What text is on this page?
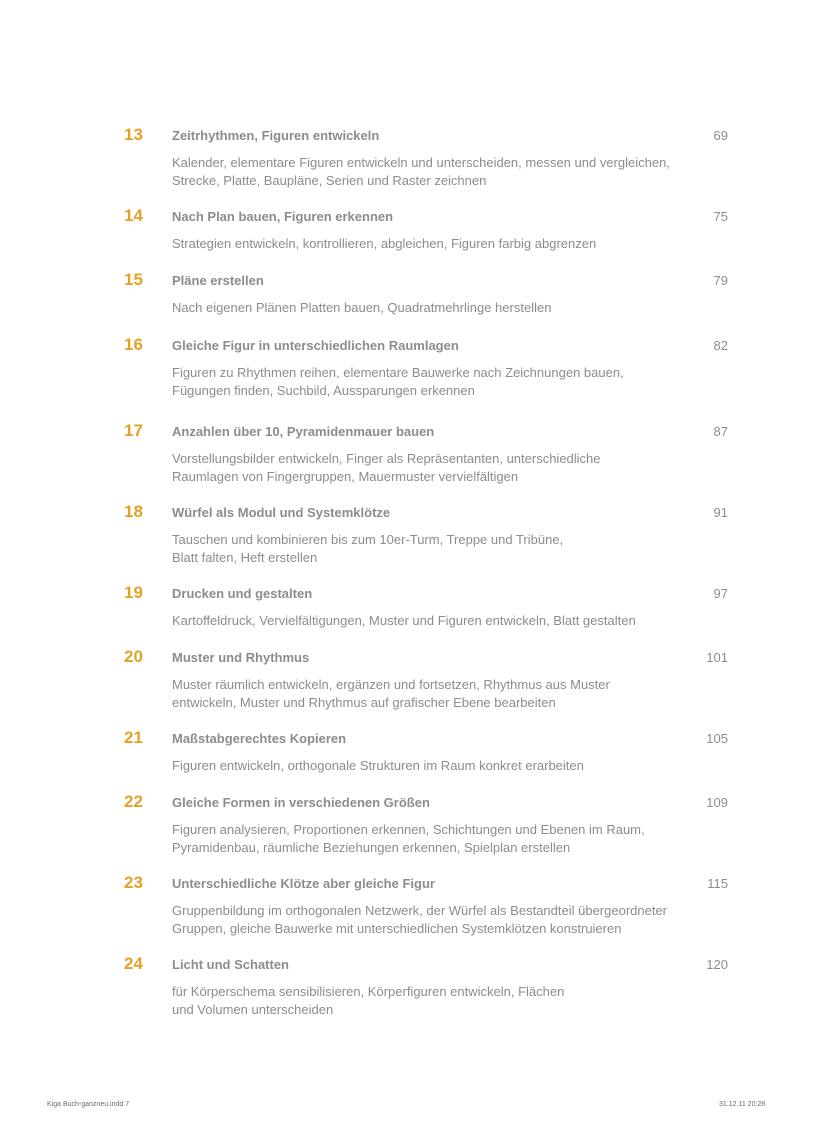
13	Zeitrhythmen, Figuren entwickeln	69
Kalender, elementare Figuren entwickeln und unterscheiden, messen und vergleichen,
Strecke, Platte, Baupläne, Serien und Raster zeichnen
14	Nach Plan bauen, Figuren erkennen	75
Strategien entwickeln, kontrollieren, abgleichen, Figuren farbig abgrenzen
15	Pläne erstellen	79
Nach eigenen Plänen Platten bauen, Quadratmehrlinge herstellen
16	Gleiche Figur in unterschiedlichen Raumlagen	82
Figuren zu Rhythmen reihen, elementare Bauwerke nach Zeichnungen bauen,
Fügungen finden, Suchbild, Aussparungen erkennen
17	Anzahlen über 10, Pyramidenmauer bauen	87
Vorstellungsbilder entwickeln, Finger als Repräsentanten, unterschiedliche
Raumlagen von Fingergruppen, Mauermuster vervielfältigen
18	Würfel als Modul und Systemklötze	91
Tauschen und kombinieren bis zum 10er-Turm, Treppe und Tribüne,
Blatt falten, Heft erstellen
19	Drucken und gestalten	97
Kartoffeldruck, Vervielfältigungen, Muster und Figuren entwickeln, Blatt gestalten
20	Muster und Rhythmus	101
Muster räumlich entwickeln, ergänzen und fortsetzen, Rhythmus aus Muster
entwickeln, Muster und Rhythmus auf grafischer Ebene bearbeiten
21	Maßstabgerechtes Kopieren	105
Figuren entwickeln, orthogonale Strukturen im Raum konkret erarbeiten
22	Gleiche Formen in verschiedenen Größen	109
Figuren analysieren, Proportionen erkennen, Schichtungen und Ebenen im Raum,
Pyramidenbau, räumliche Beziehungen erkennen, Spielplan erstellen
23	Unterschiedliche Klötze aber gleiche Figur	115
Gruppenbildung im orthogonalen Netzwerk, der Würfel als Bestandteil übergeordneter
Gruppen, gleiche Bauwerke mit unterschiedlichen Systemklötzen konstruieren
24	Licht und Schatten	120
für Körperschema sensibilisieren, Körperfiguren entwickeln, Flächen
und Volumen unterscheiden
Kiga Buch-ganzneu.indd 7	31.12.11 20:28
